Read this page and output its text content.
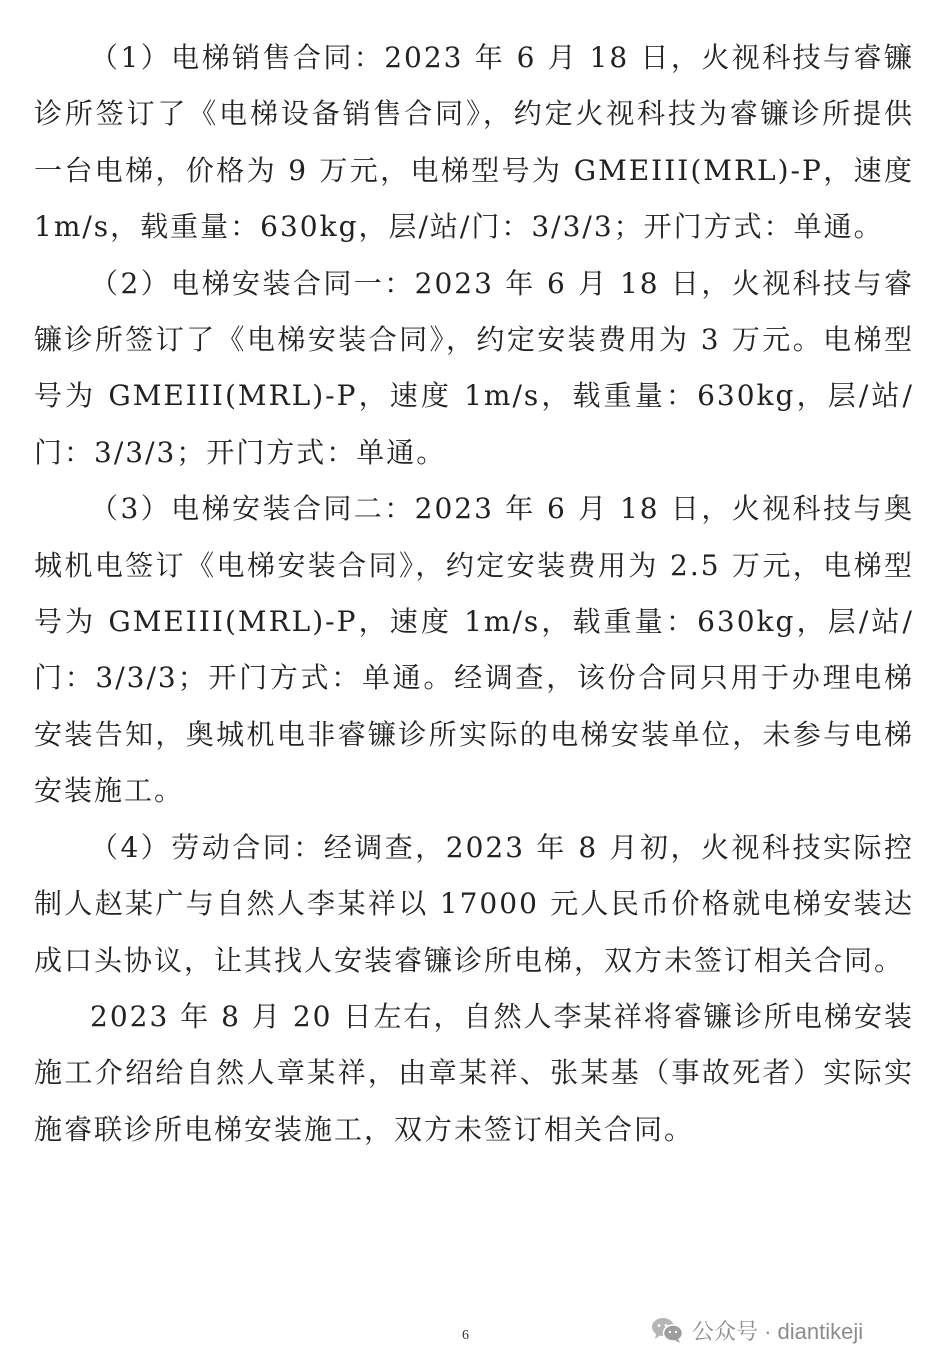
（1）电梯销售合同：2023 年 6 月 18 日，火视科技与睿镰诊所签订了《电梯设备销售合同》，约定火视科技为睿镰诊所提供一台电梯，价格为 9 万元，电梯型号为 GMEIII(MRL)-P，速度 1m/s，载重量：630kg，层/站/门：3/3/3；开门方式：单通。

（2）电梯安装合同一：2023 年 6 月 18 日，火视科技与睿镰诊所签订了《电梯安装合同》，约定安装费用为 3 万元。电梯型号为 GMEIII(MRL)-P，速度 1m/s，载重量：630kg，层/站/门：3/3/3；开门方式：单通。

（3）电梯安装合同二：2023 年 6 月 18 日，火视科技与奥城机电签订《电梯安装合同》，约定安装费用为 2.5 万元，电梯型号为 GMEIII(MRL)-P，速度 1m/s，载重量：630kg，层/站/门：3/3/3；开门方式：单通。经调查，该份合同只用于办理电梯安装告知，奥城机电非睿镰诊所实际的电梯安装单位，未参与电梯安装施工。

（4）劳动合同：经调查，2023 年 8 月初，火视科技实际控制人赵某广与自然人李某祥以 17000 元人民币价格就电梯安装达成口头协议，让其找人安装睿镰诊所电梯，双方未签订相关合同。

2023 年 8 月 20 日左右，自然人李某祥将睿镰诊所电梯安装施工介绍给自然人章某祥，由章某祥、张某基（事故死者）实际实施睿联诊所电梯安装施工，双方未签订相关合同。

6	公众号 · diantikeji
